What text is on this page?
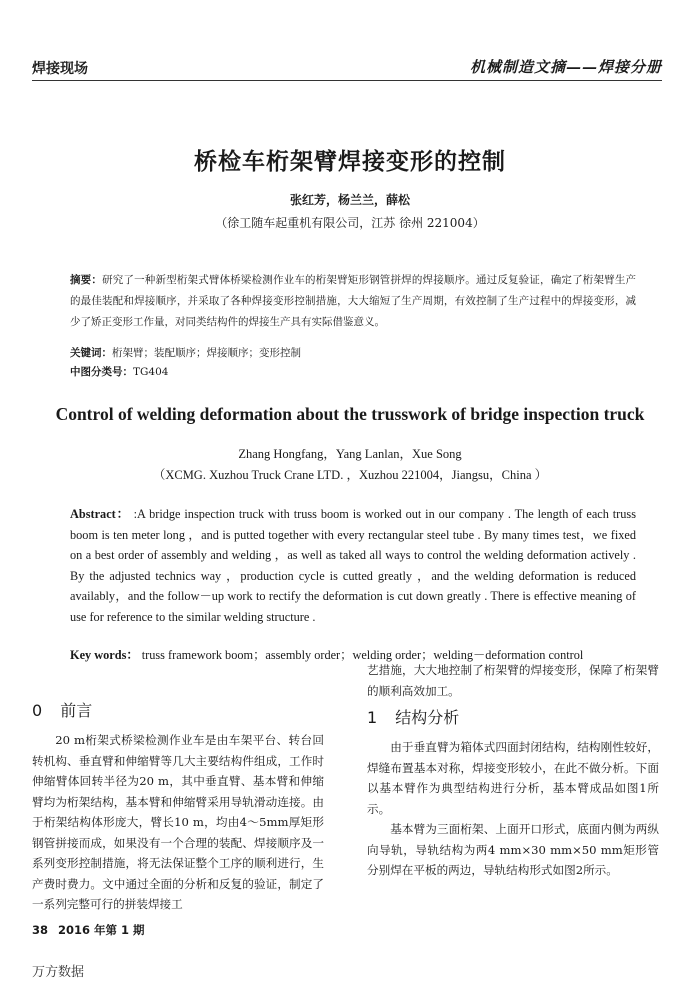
焊接现场	机械制造文摘——焊接分册
桥检车桁架臂焊接变形的控制
张红芳，杨兰兰，薛松
（徐工随车起重机有限公司，江苏 徐州 221004）
摘要：研究了一种新型桁架式臂体桥梁检测作业车的桁架臂矩形钢管拼焊的焊接顺序。通过反复验证，确定了桁架臂生产的最佳装配和焊接顺序，并采取了各种焊接变形控制措施，大大缩短了生产周期，有效控制了生产过程中的焊接变形，减少了矫正变形工作量，对同类结构件的焊接生产具有实际借鉴意义。
关键词：桁架臂；装配顺序；焊接顺序；变形控制
中图分类号：TG404
Control of welding deformation about the trusswork of bridge inspection truck
Zhang Hongfang，Yang Lanlan，Xue Song
（XCMG. Xuzhou Truck Crane LTD. ，Xuzhou 221004，Jiangsu，China ）
Abstract： :A bridge inspection truck with truss boom is worked out in our company . The length of each truss boom is ten meter long ，and is putted together with every rectangular steel tube . By many times test，we fixed on a best order of assembly and welding ，as well as taked all ways to control the welding deformation actively . By the adjusted technics way ，production cycle is cutted greatly ，and the welding deformation is reduced availably，and the follow－up work to rectify the deformation is cut down greatly . There is effective meaning of use for reference to the similar welding structure .
Key words： truss framework boom；assembly order；welding order；welding－deformation control

0 前言

20 m桁架式桥梁检测作业车是由车架平台、转台回转机构、垂直臂和伸缩臂等几大主要结构件组成，工作时伸缩臂体回转半径为20 m，其中垂直臂、基本臂和伸缩臂均为桁架结构，基本臂和伸缩臂采用导轨滑动连接。由于桁架结构体形庞大，臂长10 m，均由4～5mm厚矩形钢管拼接而成，如果没有一个合理的装配、焊接顺序及一系列变形控制措施，将无法保证整个工序的顺利进行，生产费时费力。文中通过全面的分析和反复的验证，制定了一系列完整可行的拼装焊接工

艺措施，大大地控制了桁架臂的焊接变形，保障了桁架臂的顺利高效加工。

1 结构分析

由于垂直臂为箱体式四面封闭结构，结构刚性较好，焊缝布置基本对称，焊接变形较小，在此不做分析。下面以基本臂作为典型结构进行分析，基本臂成品如图1所示。

基本臂为三面桁架、上面开口形式，底面内侧为两纵向导轨，导轨结构为两4 mm×30 mm×50 mm矩形管分别焊在平板的两边，导轨结构形式如图2所示。

38 2016 年第 1 期
万方数据
